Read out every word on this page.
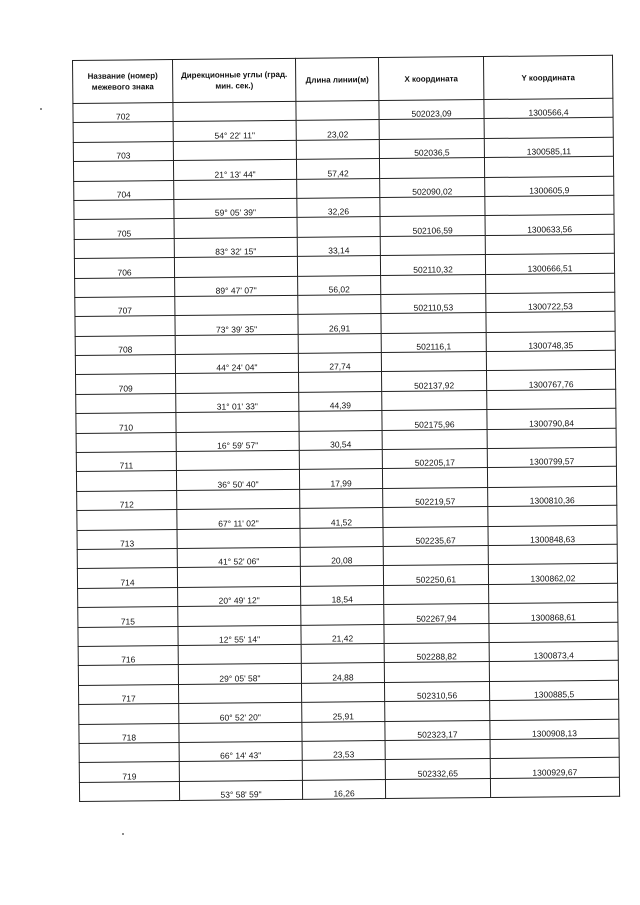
Название (номер) межевого знака	Дирекционные углы (град. мин. сек.)	Длина линии(м)	X координата	Y координата
702			502023,09	1300566,4
	54° 22' 11"	23,02		
703			502036,5	1300585,11
	21° 13' 44"	57,42		
704			502090,02	1300605,9
	59° 05' 39"	32,26		
705			502106,59	1300633,56
	83° 32' 15"	33,14		
706			502110,32	1300666,51
	89° 47' 07"	56,02		
707			502110,53	1300722,53
	73° 39' 35"	26,91		
708			502116,1	1300748,35
	44° 24' 04"	27,74		
709			502137,92	1300767,76
	31° 01' 33"	44,39		
710			502175,96	1300790,84
	16° 59' 57"	30,54		
711			502205,17	1300799,57
	36° 50' 40"	17,99		
712			502219,57	1300810,36
	67° 11' 02"	41,52		
713			502235,67	1300848,63
	41° 52' 06"	20,08		
714			502250,61	1300862,02
	20° 49' 12"	18,54		
715			502267,94	1300868,61
	12° 55' 14"	21,42		
716			502288,82	1300873,4
	29° 05' 58"	24,88		
717			502310,56	1300885,5
	60° 52' 20"	25,91		
718			502323,17	1300908,13
	66° 14' 43"	23,53		
719			502332,65	1300929,67
	53° 58' 59"	16,26		
